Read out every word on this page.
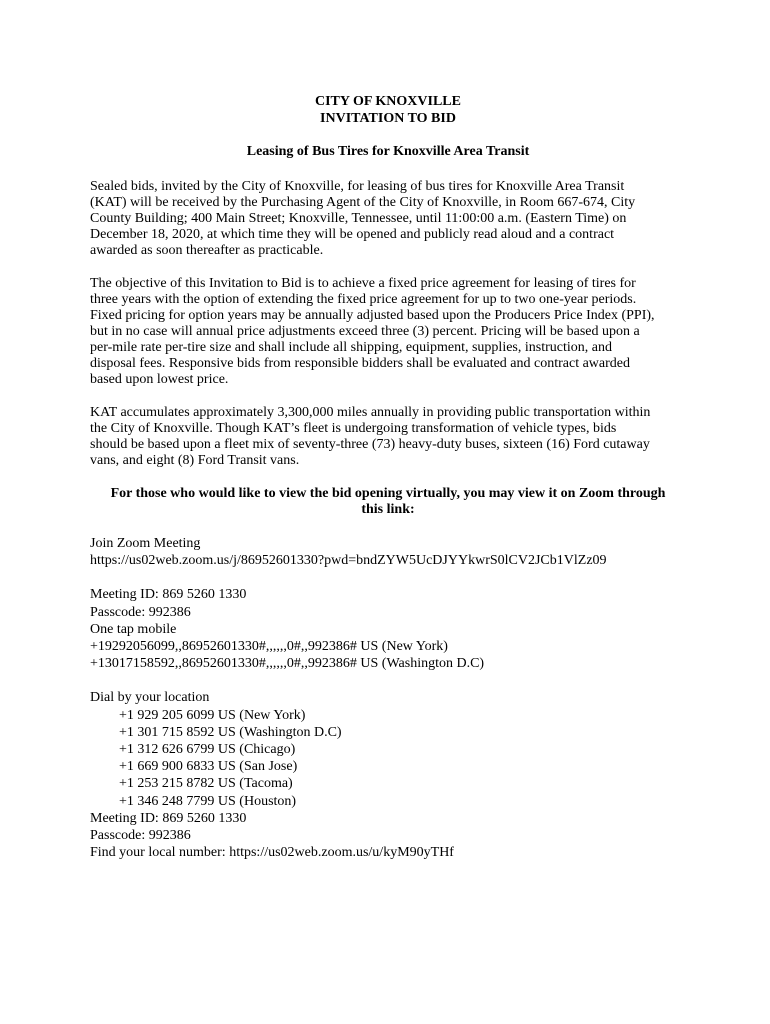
CITY OF KNOXVILLE
INVITATION TO BID
Leasing of Bus Tires for Knoxville Area Transit
Sealed bids, invited by the City of Knoxville, for leasing of bus tires for Knoxville Area Transit
(KAT) will be received by the Purchasing Agent of the City of Knoxville, in Room 667-674, City
County Building; 400 Main Street; Knoxville, Tennessee, until 11:00:00 a.m. (Eastern Time) on
December 18, 2020, at which time they will be opened and publicly read aloud and a contract
awarded as soon thereafter as practicable.
The objective of this Invitation to Bid is to achieve a fixed price agreement for leasing of tires for
three years with the option of extending the fixed price agreement for up to two one-year periods.
Fixed pricing for option years may be annually adjusted based upon the Producers Price Index (PPI),
but in no case will annual price adjustments exceed three (3) percent. Pricing will be based upon a
per-mile rate per-tire size and shall include all shipping, equipment, supplies, instruction, and
disposal fees. Responsive bids from responsible bidders shall be evaluated and contract awarded
based upon lowest price.
KAT accumulates approximately 3,300,000 miles annually in providing public transportation within
the City of Knoxville. Though KAT’s fleet is undergoing transformation of vehicle types, bids
should be based upon a fleet mix of seventy-three (73) heavy-duty buses, sixteen (16) Ford cutaway
vans, and eight (8) Ford Transit vans.
For those who would like to view the bid opening virtually, you may view it on Zoom through
this link:

Join Zoom Meeting

https://us02web.zoom.us/j/86952601330?pwd=bndZYW5UcDJYYkwrS0lCV2JCb1VlZz09

Meeting ID: 869 5260 1330

Passcode: 992386

One tap mobile

+19292056099,,86952601330#,,,,,,0#,,992386# US (New York)

+13017158592,,86952601330#,,,,,,0#,,992386# US (Washington D.C)

Dial by your location

+1 929 205 6099 US (New York)

+1 301 715 8592 US (Washington D.C)

+1 312 626 6799 US (Chicago)

+1 669 900 6833 US (San Jose)

+1 253 215 8782 US (Tacoma)

+1 346 248 7799 US (Houston)

Meeting ID: 869 5260 1330

Passcode: 992386

Find your local number: https://us02web.zoom.us/u/kyM90yTHf
